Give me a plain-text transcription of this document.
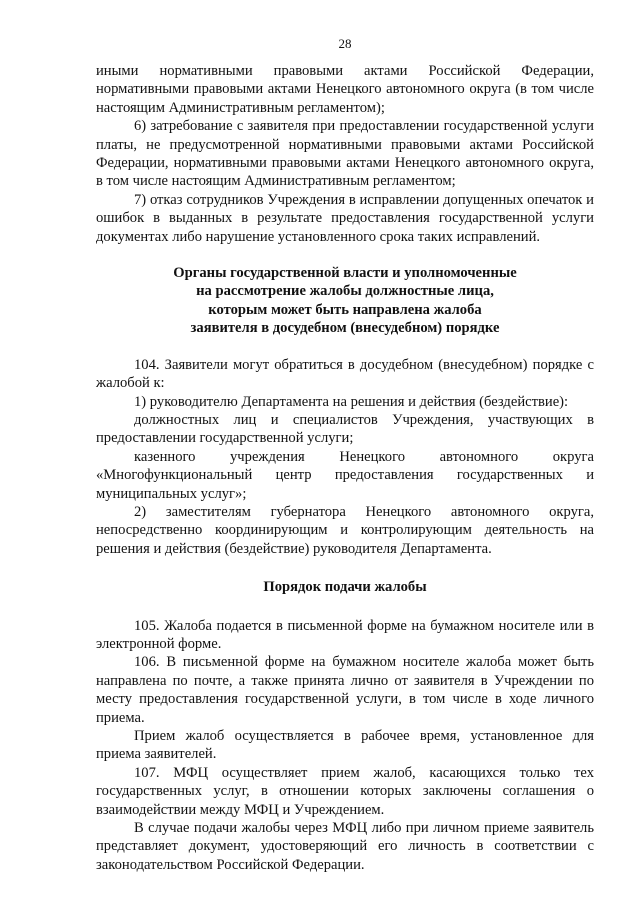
28

иными нормативными правовыми актами Российской Федерации, нормативными правовыми актами Ненецкого автономного округа (в том числе настоящим Административным регламентом);

6) затребование с заявителя при предоставлении государственной услуги платы, не предусмотренной нормативными правовыми актами Российской Федерации, нормативными правовыми актами Ненецкого автономного округа, в том числе настоящим Административным регламентом;

7) отказ сотрудников Учреждения в исправлении допущенных опечаток и ошибок в выданных в результате предоставления государственной услуги документах либо нарушение установленного срока таких исправлений.

Органы государственной власти и уполномоченные
на рассмотрение жалобы должностные лица,
которым может быть направлена жалоба
заявителя в досудебном (внесудебном) порядке

104. Заявители могут обратиться в досудебном (внесудебном) порядке с жалобой к:

1) руководителю Департамента на решения и действия (бездействие):

должностных лиц и специалистов Учреждения, участвующих в предоставлении государственной услуги;

казенного учреждения Ненецкого автономного округа «Многофункциональный центр предоставления государственных и муниципальных услуг»;

2) заместителям губернатора Ненецкого автономного округа, непосредственно координирующим и контролирующим деятельность на решения и действия (бездействие) руководителя Департамента.

Порядок подачи жалобы

105. Жалоба подается в письменной форме на бумажном носителе или в электронной форме.

106. В письменной форме на бумажном носителе жалоба может быть направлена по почте, а также принята лично от заявителя в Учреждении по месту предоставления государственной услуги, в том числе в ходе личного приема.

Прием жалоб осуществляется в рабочее время, установленное для приема заявителей.

107. МФЦ осуществляет прием жалоб, касающихся только тех государственных услуг, в отношении которых заключены соглашения о взаимодействии между МФЦ и Учреждением.

В случае подачи жалобы через МФЦ либо при личном приеме заявитель представляет документ, удостоверяющий его личность в соответствии с законодательством Российской Федерации.
